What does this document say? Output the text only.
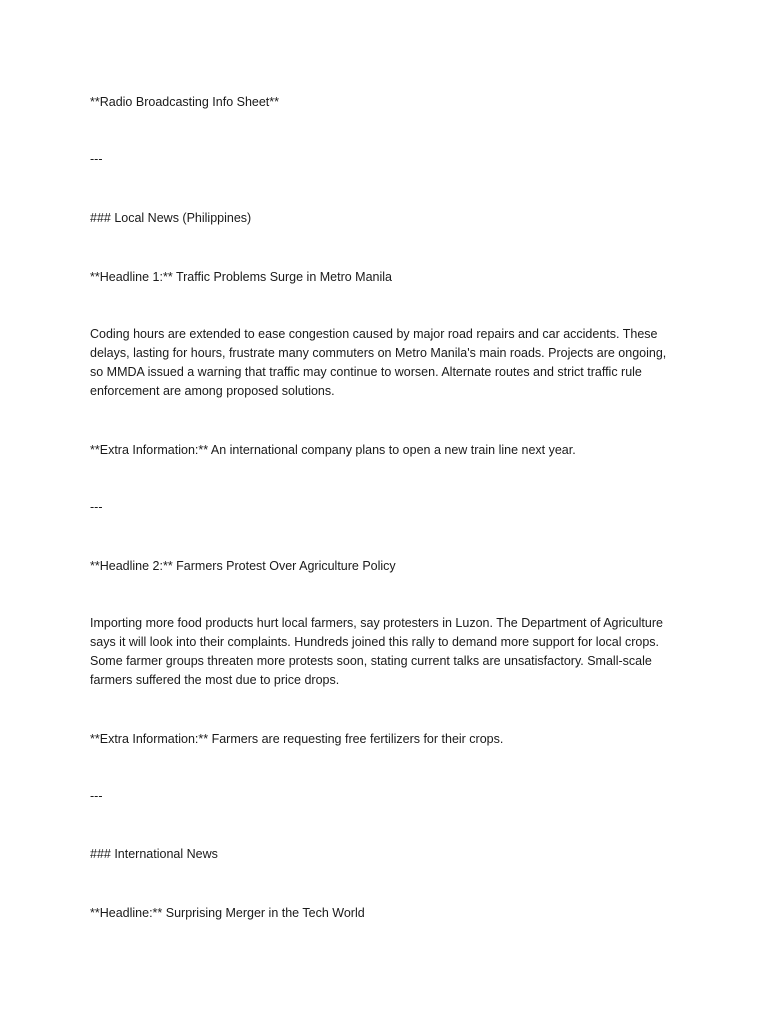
**Radio Broadcasting Info Sheet**
---
### Local News (Philippines)
**Headline 1:** Traffic Problems Surge in Metro Manila
Coding hours are extended to ease congestion caused by major road repairs and car accidents. These delays, lasting for hours, frustrate many commuters on Metro Manila's main roads. Projects are ongoing, so MMDA issued a warning that traffic may continue to worsen. Alternate routes and strict traffic rule enforcement are among proposed solutions.
**Extra Information:** An international company plans to open a new train line next year.
---
**Headline 2:** Farmers Protest Over Agriculture Policy
Importing more food products hurt local farmers, say protesters in Luzon. The Department of Agriculture says it will look into their complaints. Hundreds joined this rally to demand more support for local crops. Some farmer groups threaten more protests soon, stating current talks are unsatisfactory. Small-scale farmers suffered the most due to price drops.
**Extra Information:** Farmers are requesting free fertilizers for their crops.
---
### International News
**Headline:** Surprising Merger in the Tech World
